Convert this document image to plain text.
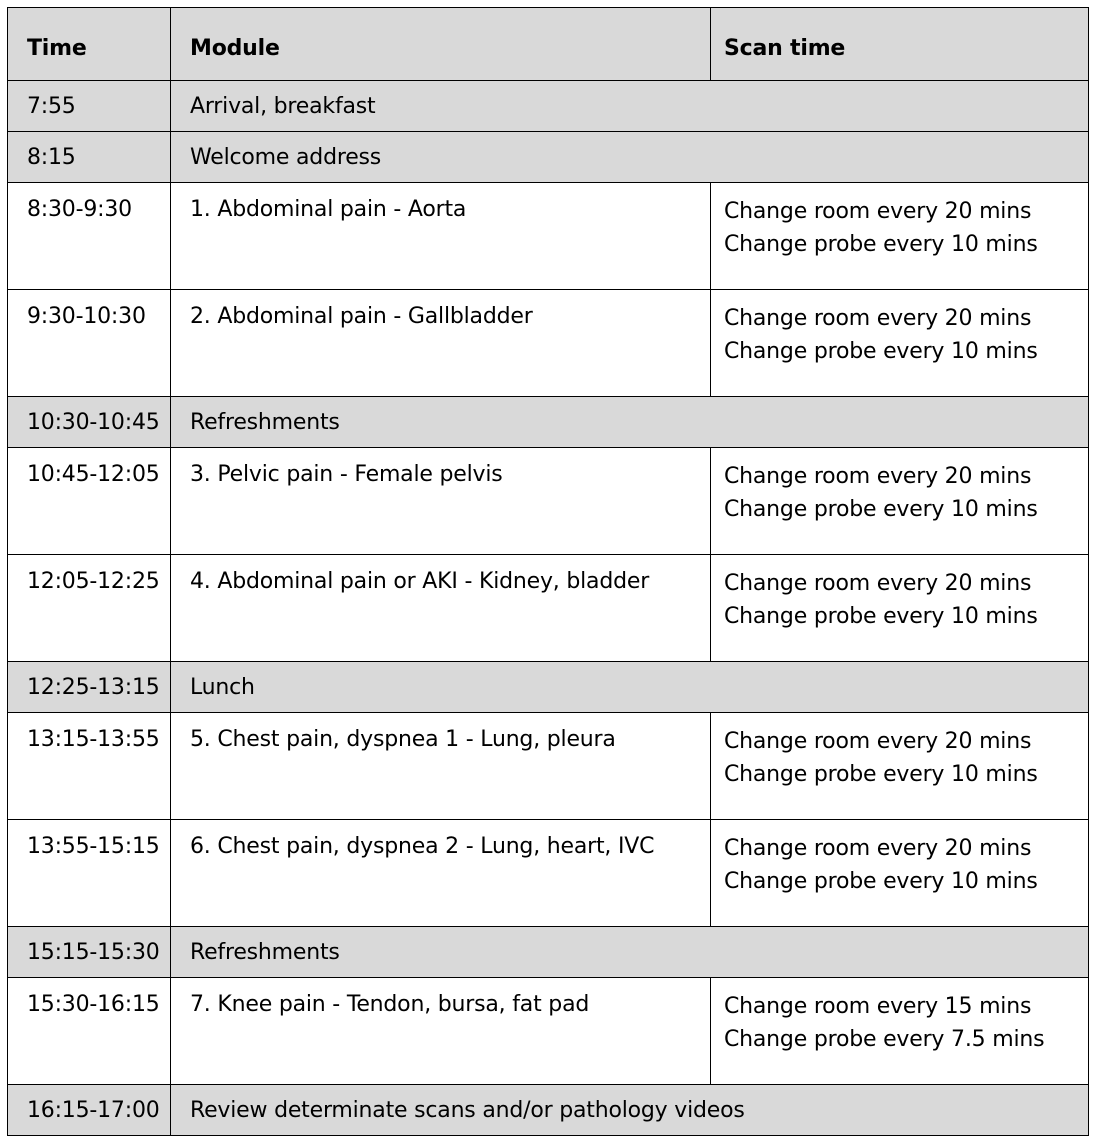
Time	Module	Scan time

7:55	Arrival, breakfast	

8:15	Welcome address	

8:30-9:30	1. Abdominal pain - Aorta	Change room every 20 mins
Change probe every 10 mins

9:30-10:30	2. Abdominal pain - Gallbladder	Change room every 20 mins
Change probe every 10 mins

10:30-10:45	Refreshments	

10:45-12:05	3. Pelvic pain - Female pelvis	Change room every 20 mins
Change probe every 10 mins

12:05-12:25	4. Abdominal pain or AKI - Kidney, bladder	Change room every 20 mins
Change probe every 10 mins

12:25-13:15	Lunch	

13:15-13:55	5. Chest pain, dyspnea 1 - Lung, pleura	Change room every 20 mins
Change probe every 10 mins

13:55-15:15	6. Chest pain, dyspnea 2 - Lung, heart, IVC	Change room every 20 mins
Change probe every 10 mins

15:15-15:30	Refreshments	

15:30-16:15	7. Knee pain - Tendon, bursa, fat pad	Change room every 15 mins
Change probe every 7.5 mins

16:15-17:00	Review determinate scans and/or pathology videos	
